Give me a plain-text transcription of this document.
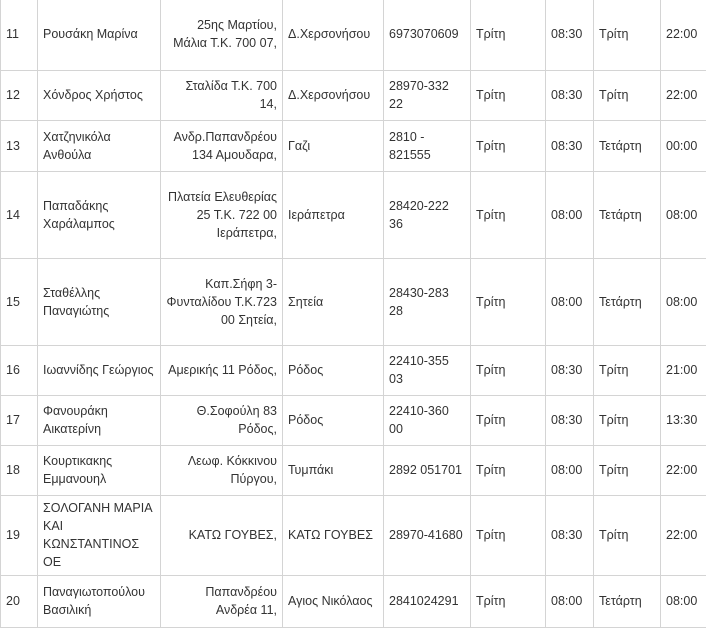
11	Ρουσάκη Μαρίνα	25ης Μαρτίου, Μάλια Τ.Κ. 700 07,	Δ.Χερσονήσου	6973070609	Τρίτη	08:30	Τρίτη	22:00
12	Χόνδρος Χρήστος	Σταλίδα Τ.Κ. 700 14,	Δ.Χερσονήσου	28970-332 22	Τρίτη	08:30	Τρίτη	22:00
13	Χατζηνικόλα Ανθούλα	Ανδρ.Παπανδρέου 134 Αμουδαρα,	Γαζι	2810 - 821555	Τρίτη	08:30	Τετάρτη	00:00
14	Παπαδάκης Χαράλαμπος	Πλατεία Ελευθερίας 25 Τ.Κ. 722 00 Ιεράπετρα,	Ιεράπετρα	28420-222 36	Τρίτη	08:00	Τετάρτη	08:00
15	Σταθέλλης Παναγιώτης	Καπ.Σήφη 3-Φυνταλίδου Τ.Κ.723 00 Σητεία,	Σητεία	28430-283 28	Τρίτη	08:00	Τετάρτη	08:00
16	Ιωαννίδης Γεώργιος	Αμερικής 11 Ρόδος,	Ρόδος	22410-355 03	Τρίτη	08:30	Τρίτη	21:00
17	Φανουράκη Αικατερίνη	Θ.Σοφούλη 83 Ρόδος,	Ρόδος	22410-360 00	Τρίτη	08:30	Τρίτη	13:30
18	Κουρτικακης Εμμανουηλ	Λεωφ. Κόκκινου Πύργου,	Τυμπάκι	2892 051701	Τρίτη	08:00	Τρίτη	22:00
19	ΣΟΛΟΓΑΝΗ ΜΑΡΙΑ ΚΑΙ ΚΩΝΣΤΑΝΤΙΝΟΣ ΟΕ	ΚΑΤΩ ΓΟΥΒΕΣ,	ΚΑΤΩ ΓΟΥΒΕΣ	28970-41680	Τρίτη	08:30	Τρίτη	22:00
20	Παναγιωτοπούλου Βασιλική	Παπανδρέου Ανδρέα 11,	Αγιος Νικόλαος	2841024291	Τρίτη	08:00	Τετάρτη	08:00
